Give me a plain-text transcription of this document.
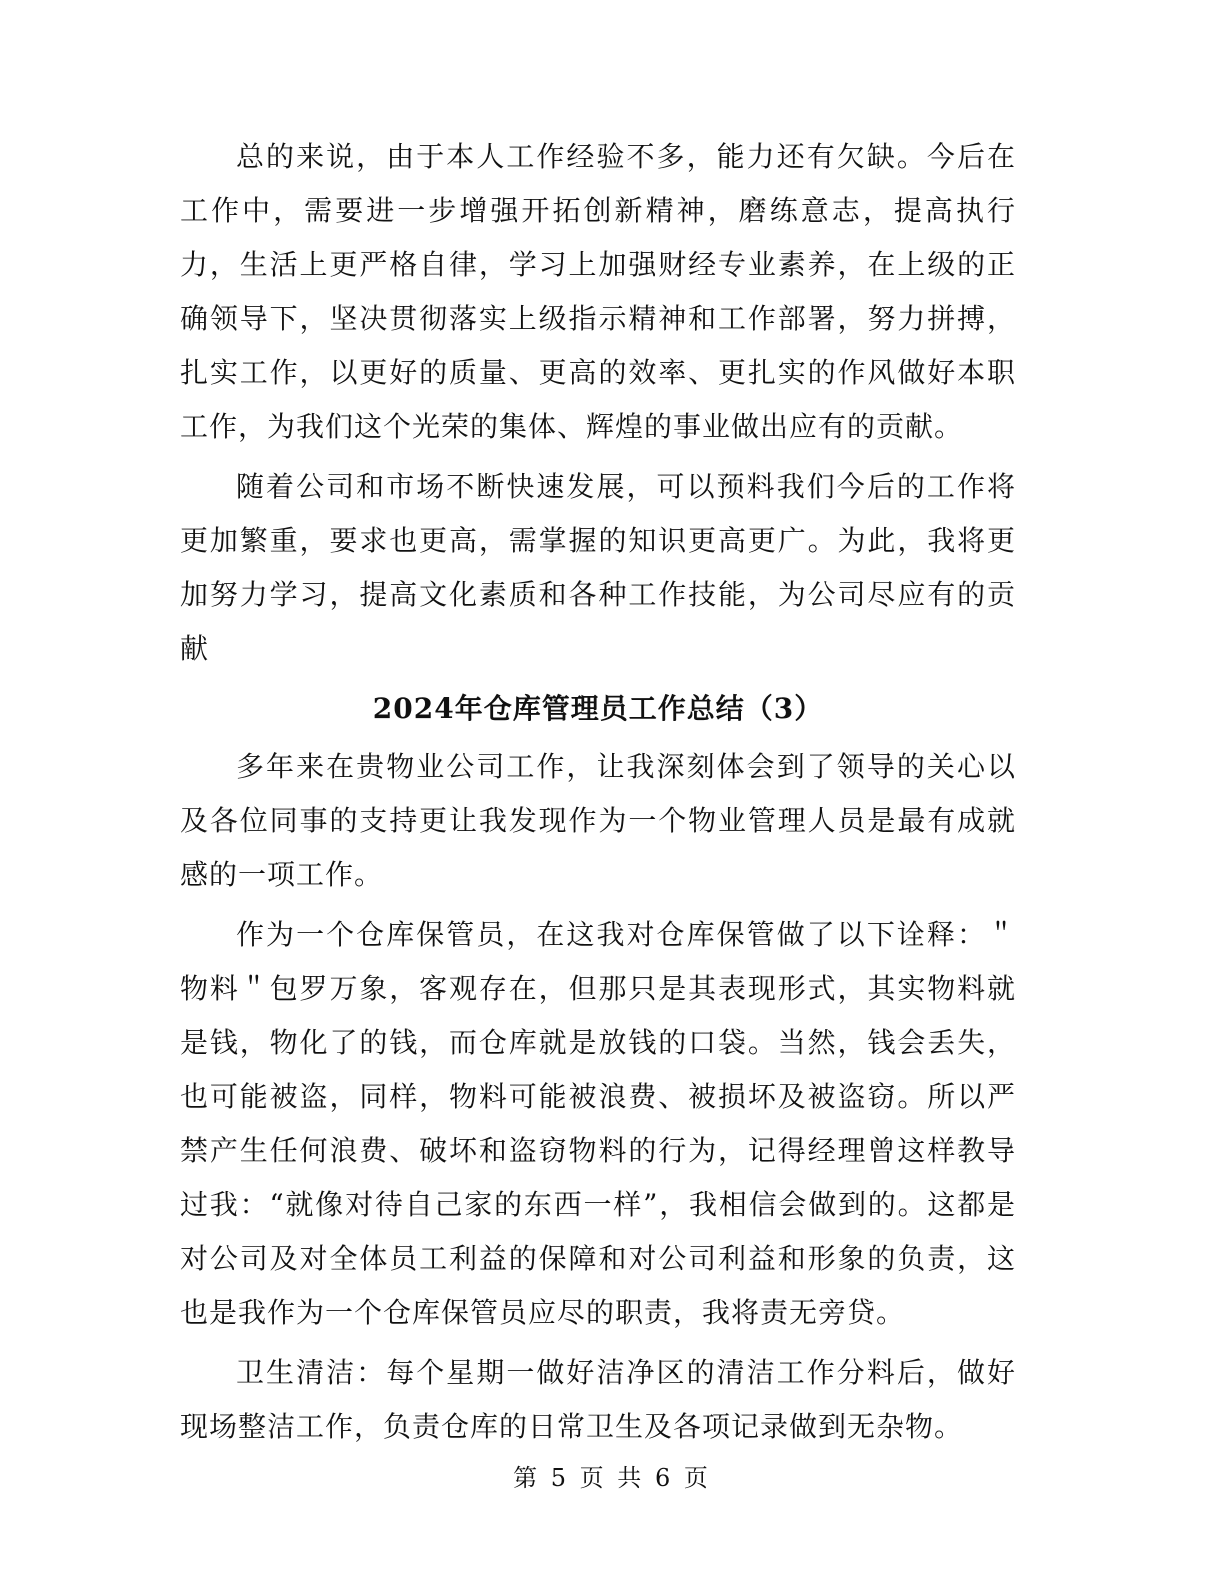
总的来说，由于本人工作经验不多，能力还有欠缺。今后在工作中，需要进一步增强开拓创新精神，磨练意志，提高执行力，生活上更严格自律，学习上加强财经专业素养，在上级的正确领导下，坚决贯彻落实上级指示精神和工作部署，努力拼搏，扎实工作，以更好的质量、更高的效率、更扎实的作风做好本职工作，为我们这个光荣的集体、辉煌的事业做出应有的贡献。

随着公司和市场不断快速发展，可以预料我们今后的工作将更加繁重，要求也更高，需掌握的知识更高更广。为此，我将更加努力学习，提高文化素质和各种工作技能，为公司尽应有的贡献

2024年仓库管理员工作总结（3）

多年来在贵物业公司工作，让我深刻体会到了领导的关心以及各位同事的支持更让我发现作为一个物业管理人员是最有成就感的一项工作。

作为一个仓库保管员，在这我对仓库保管做了以下诠释：＂物料＂包罗万象，客观存在，但那只是其表现形式，其实物料就是钱，物化了的钱，而仓库就是放钱的口袋。当然，钱会丢失，也可能被盗，同样，物料可能被浪费、被损坏及被盗窃。所以严禁产生任何浪费、破坏和盗窃物料的行为，记得经理曾这样教导过我：“就像对待自己家的东西一样”，我相信会做到的。这都是对公司及对全体员工利益的保障和对公司利益和形象的负责，这也是我作为一个仓库保管员应尽的职责，我将责无旁贷。

卫生清洁：每个星期一做好洁净区的清洁工作分料后，做好现场整洁工作，负责仓库的日常卫生及各项记录做到无杂物。

第 5 页 共 6 页
